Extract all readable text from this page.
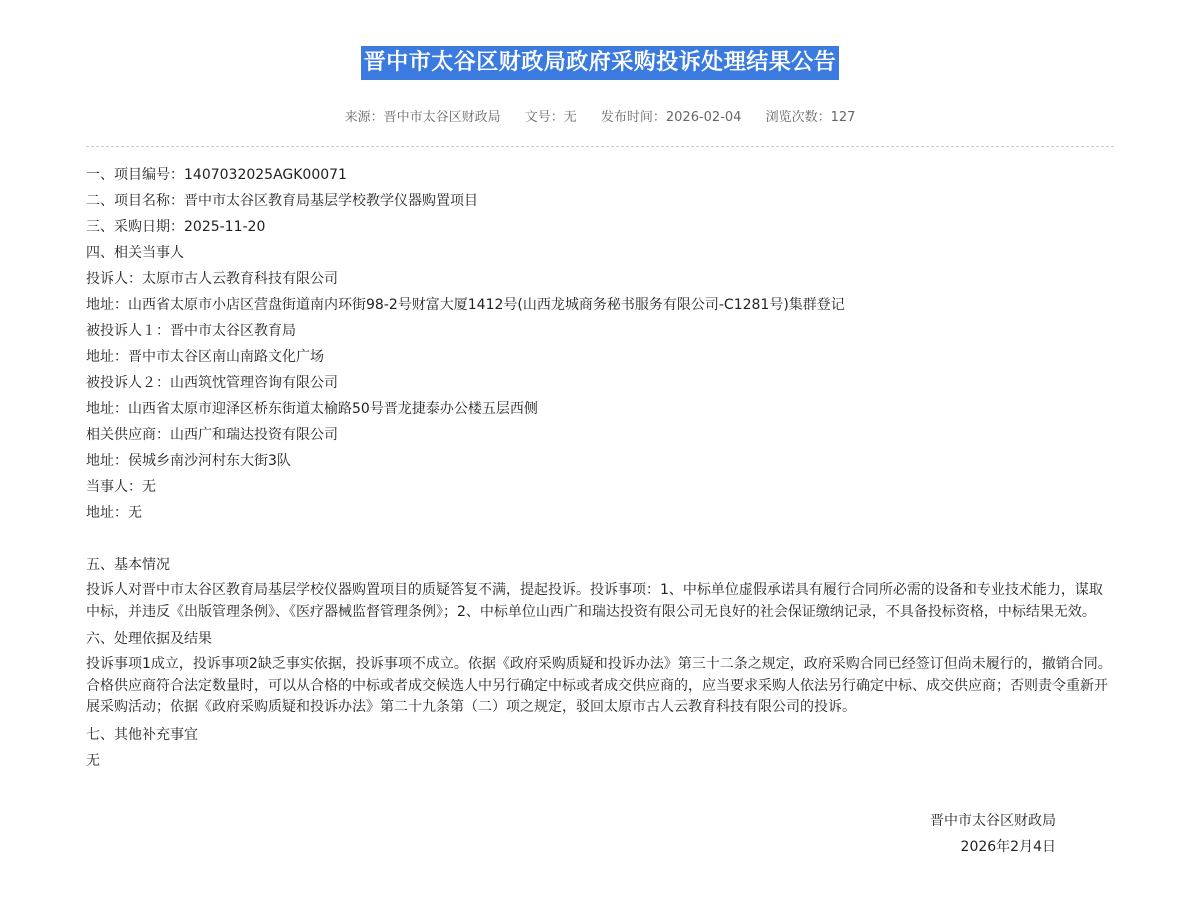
晋中市太谷区财政局政府采购投诉处理结果公告
来源：晋中市太谷区财政局 文号：无 发布时间：2026-02-04 浏览次数：127

一、项目编号：1407032025AGK00071

二、项目名称：晋中市太谷区教育局基层学校教学仪器购置项目

三、采购日期：2025-11-20

四、相关当事人

投诉人：太原市古人云教育科技有限公司

地址：山西省太原市小店区营盘街道南内环街98-2号财富大厦1412号(山西龙城商务秘书服务有限公司-C1281号)集群登记

被投诉人１：晋中市太谷区教育局

地址：晋中市太谷区南山南路文化广场

被投诉人２：山西筑忱管理咨询有限公司

地址：山西省太原市迎泽区桥东街道太榆路50号晋龙捷泰办公楼五层西侧

相关供应商：山西广和瑞达投资有限公司

地址：侯城乡南沙河村东大街3队

当事人：无

地址：无

五、基本情况

投诉人对晋中市太谷区教育局基层学校仪器购置项目的质疑答复不满，提起投诉。投诉事项：1、中标单位虚假承诺具有履行合同所必需的设备和专业技术能力，谋取中标，并违反《出版管理条例》、《医疗器械监督管理条例》；2、中标单位山西广和瑞达投资有限公司无良好的社会保证缴纳记录，不具备投标资格，中标结果无效。

六、处理依据及结果

投诉事项1成立，投诉事项2缺乏事实依据，投诉事项不成立。依据《政府采购质疑和投诉办法》第三十二条之规定，政府采购合同已经签订但尚未履行的，撤销合同。合格供应商符合法定数量时，可以从合格的中标或者成交候选人中另行确定中标或者成交供应商的，应当要求采购人依法另行确定中标、成交供应商；否则责令重新开展采购活动；依据《政府采购质疑和投诉办法》第二十九条第（二）项之规定，驳回太原市古人云教育科技有限公司的投诉。

七、其他补充事宜

无

晋中市太谷区财政局
2026年2月4日
